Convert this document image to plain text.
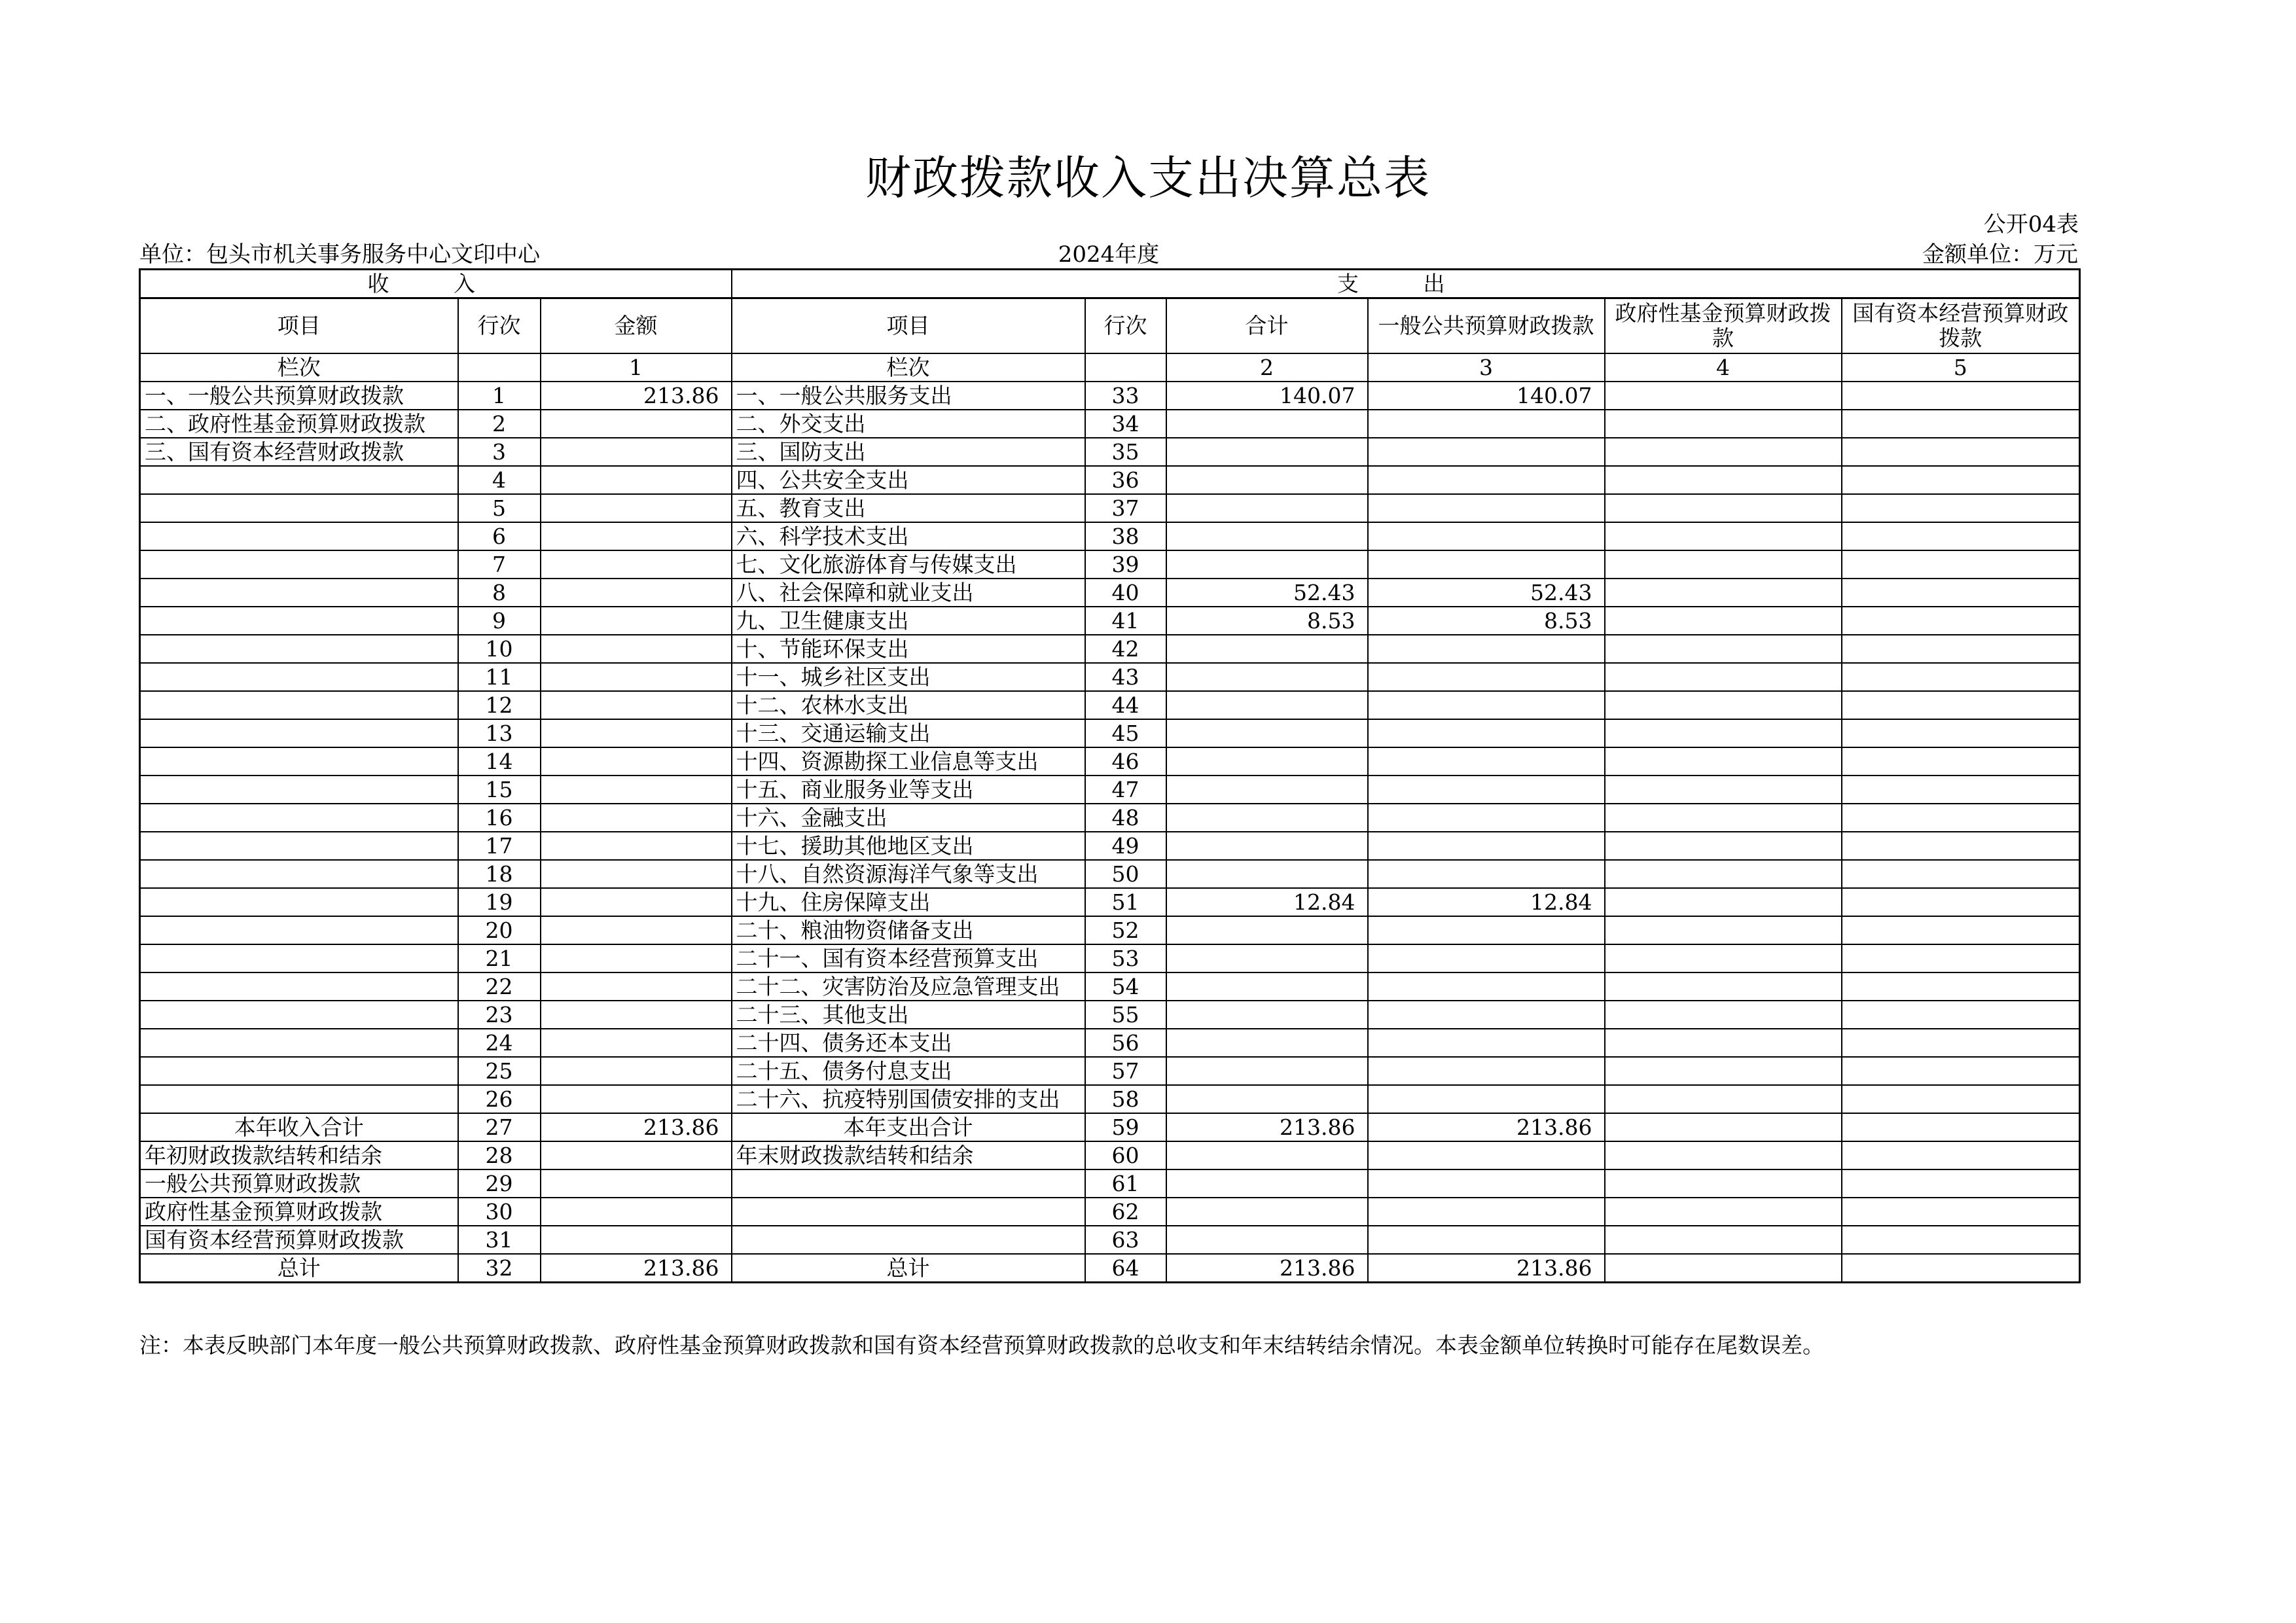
财政拨款收入支出决算总表
公开04表
单位：包头市机关事务服务中心文印中心	2024年度	金额单位：万元
收 入			支 出					
项目	行次	金额	项目	行次	合计	一般公共预算财政拨款	政府性基金预算财政拨款	国有资本经营预算财政拨款
栏次		1	栏次		2	3	4	5
一、一般公共预算财政拨款	1	213.86	一、一般公共服务支出	33	140.07	140.07		
二、政府性基金预算财政拨款	2		二、外交支出	34				
三、国有资本经营财政拨款	3		三、国防支出	35				
	4		四、公共安全支出	36				
	5		五、教育支出	37				
	6		六、科学技术支出	38				
	7		七、文化旅游体育与传媒支出	39				
	8		八、社会保障和就业支出	40	52.43	52.43		
	9		九、卫生健康支出	41	8.53	8.53		
	10		十、节能环保支出	42				
	11		十一、城乡社区支出	43				
	12		十二、农林水支出	44				
	13		十三、交通运输支出	45				
	14		十四、资源勘探工业信息等支出	46				
	15		十五、商业服务业等支出	47				
	16		十六、金融支出	48				
	17		十七、援助其他地区支出	49				
	18		十八、自然资源海洋气象等支出	50				
	19		十九、住房保障支出	51	12.84	12.84		
	20		二十、粮油物资储备支出	52				
	21		二十一、国有资本经营预算支出	53				
	22		二十二、灾害防治及应急管理支出	54				
	23		二十三、其他支出	55				
	24		二十四、债务还本支出	56				
	25		二十五、债务付息支出	57				
	26		二十六、抗疫特别国债安排的支出	58				
本年收入合计	27	213.86	本年支出合计	59	213.86	213.86		
年初财政拨款结转和结余	28		年末财政拨款结转和结余	60				
一般公共预算财政拨款	29			61				
政府性基金预算财政拨款	30			62				
国有资本经营预算财政拨款	31			63				
总计	32	213.86	总计	64	213.86	213.86		
注：本表反映部门本年度一般公共预算财政拨款、政府性基金预算财政拨款和国有资本经营预算财政拨款的总收支和年末结转结余情况。本表金额单位转换时可能存在尾数误差。
